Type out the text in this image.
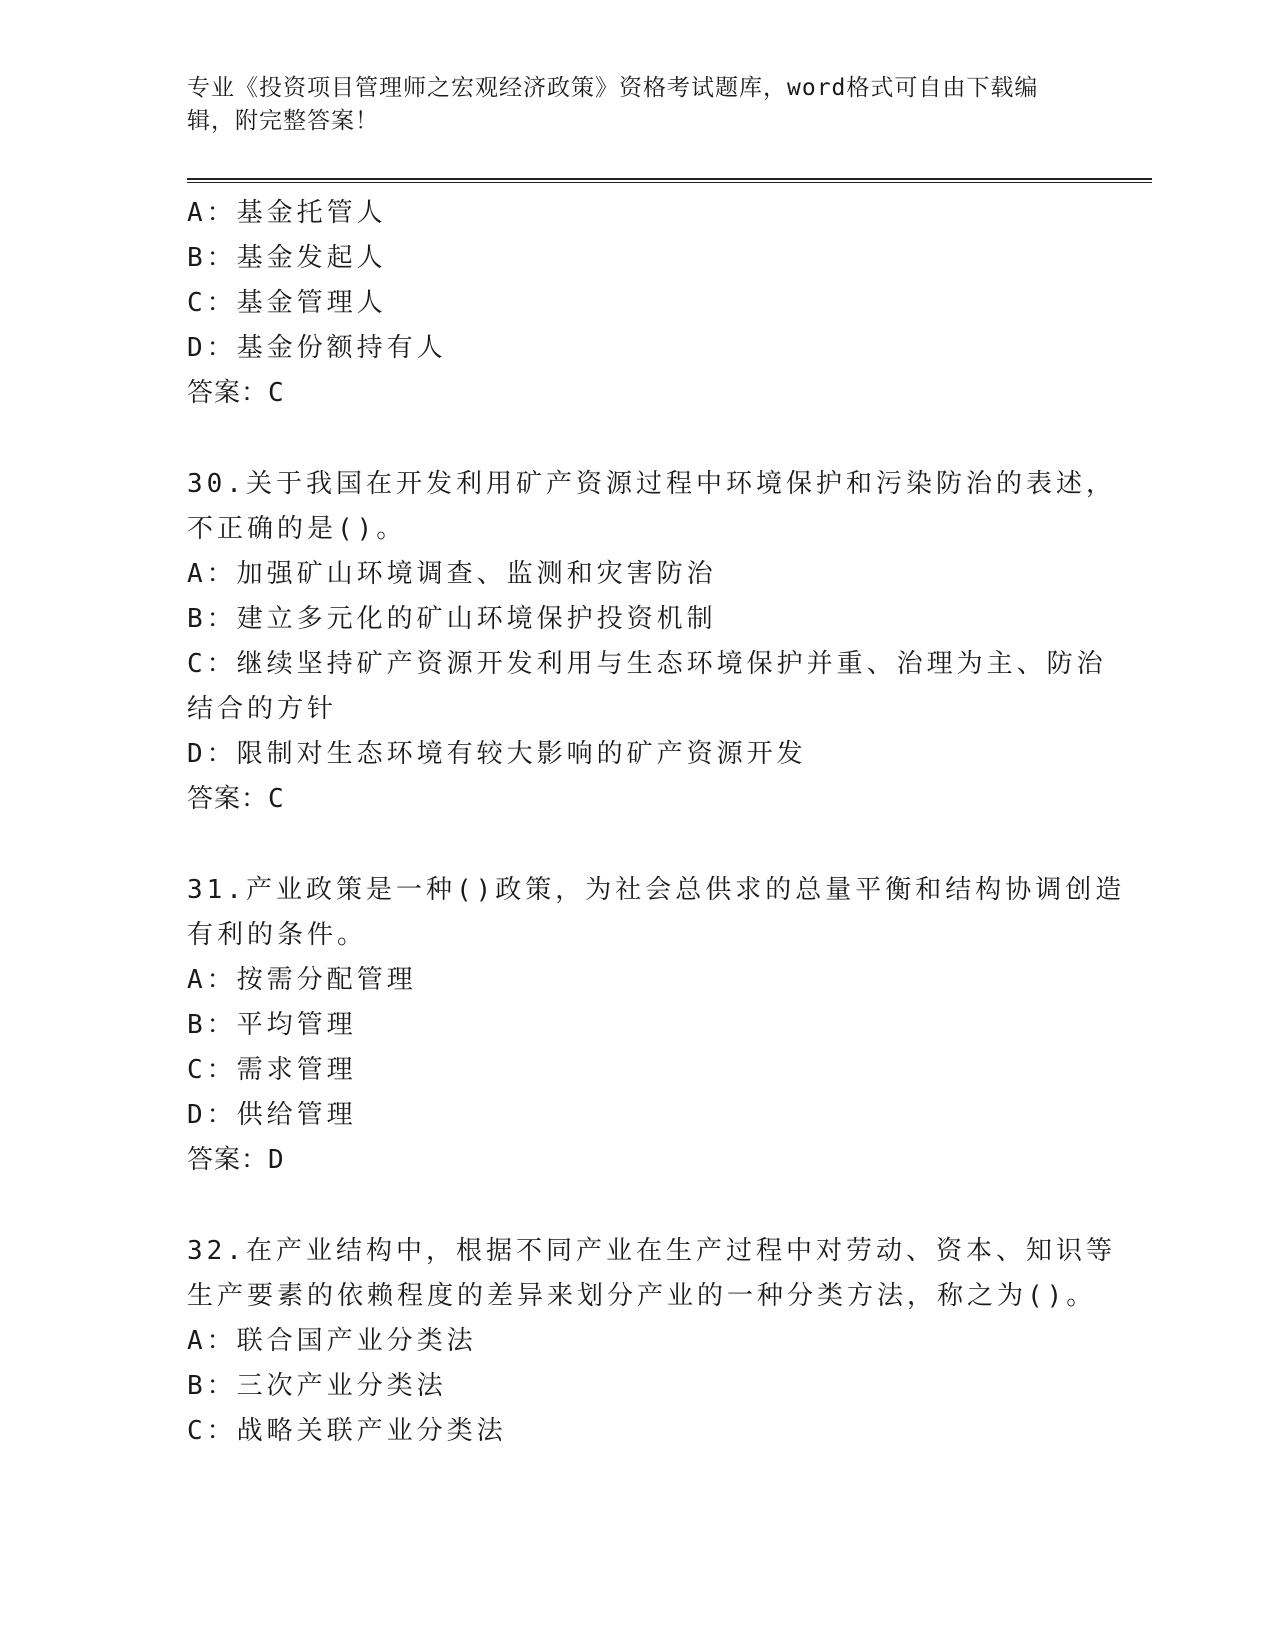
专业《投资项目管理师之宏观经济政策》资格考试题库，word格式可自由下载编辑，附完整答案！

A：基金托管人

B：基金发起人

C：基金管理人

D：基金份额持有人

答案：C

30.关于我国在开发利用矿产资源过程中环境保护和污染防治的表述，

不正确的是()。

A：加强矿山环境调查、监测和灾害防治

B：建立多元化的矿山环境保护投资机制

C：继续坚持矿产资源开发利用与生态环境保护并重、治理为主、防治

结合的方针

D：限制对生态环境有较大影响的矿产资源开发

答案：C

31.产业政策是一种()政策，为社会总供求的总量平衡和结构协调创造

有利的条件。

A：按需分配管理

B：平均管理

C：需求管理

D：供给管理

答案：D

32.在产业结构中，根据不同产业在生产过程中对劳动、资本、知识等

生产要素的依赖程度的差异来划分产业的一种分类方法，称之为()。

A：联合国产业分类法

B：三次产业分类法

C：战略关联产业分类法
